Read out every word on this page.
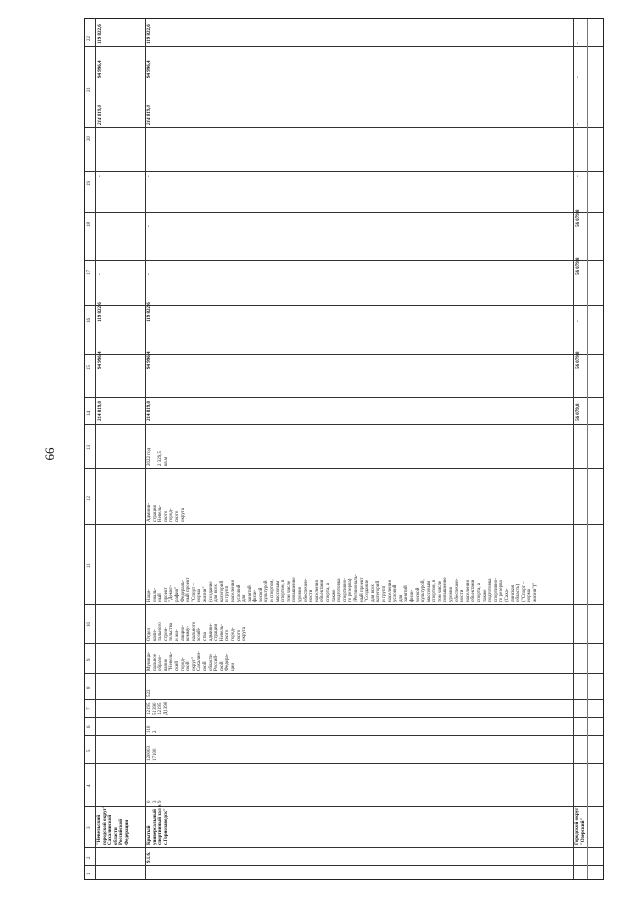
66
22
21
20
19
18
17
16
15
14
13
12
11
10
9
8
7
6
5
4
3
2
1
"Невельский
городской округ"
Сахалинской
области
Российской
Федерации
214 819,0
94 996,4
119 822,6
-
-
119 822,6
94 996,4
214 819,0
9.1.6.
Крытый
универсальный
спортивный зал в
с.Горнозаводск"
0
3
9
120003
17100
110
2
12195
51390
12195
Д1390
522
Муници-
пальное
образо-
вание
"Невель-
ский
город-
ской
округ"
Сахалин-
ской
области
Россий-
ской
Федера-
ции
Отдел
капи-
тального
строи-
тельства
и жи-
лищно-
комму-
нального
хозяй-
ства
админи-
страции
Невель-
ского
город-
ского
округа
Наци-
ональ-
ный
проект
"Демог-
рафия"
Федераль-
ный проект
"Спорт –
норма
жизни"
(создание
для всех
категорий
и групп
населения
условий
для
занятий
физи-
ческой
культурой
и спортом,
массовым
спортом, в
том числе
повышение
уровня
обеспечен-
ности
населения
объектами
спорта, а
также
подготовка
спортивно-
го резерва)
/Регииональ-
ный проект
"Создание
для всех
категорий
и групп
населения
условий
для
занятий
физи-
ческой
культурой,
массовым
спортом, в
том числе
повышение
уровня
обеспечен-
ности
населения
объектами
спорта, а
также
подготовка
спортивно-
го резерва
(Саха-
линская
область)
("Спорт –
норма
жизни")"
Админи-
страция
Невель-
ского
город-
ского
округа
2022 год

2 329,5
кв.м
214 819,0
94 996,4
119 822,6
-
-
-
214 819,0
94 996,4
119 822,6
Городской округ
"Озерский"
56 079,8
56 079,8
-
56 079,8
56 079,8
-
-
-
-
